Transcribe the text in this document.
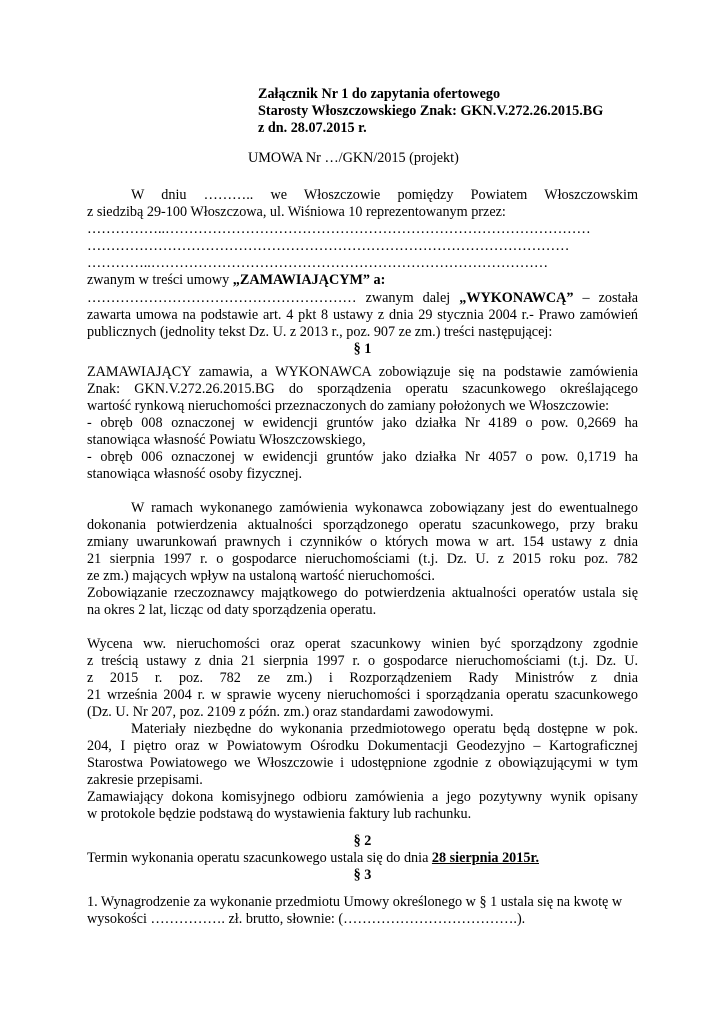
Załącznik Nr 1 do zapytania ofertowego
Starosty Włoszczowskiego Znak: GKN.V.272.26.2015.BG
z dn. 28.07.2015 r.
UMOWA Nr …/GKN/2015 (projekt)
W dniu ……….. we Włoszczowie pomiędzy Powiatem Włoszczowskim
z siedzibą 29-100 Włoszczowa, ul. Wiśniowa 10 reprezentowanym przez:
……………..………………………………………………………………………………
…………………………………………………………………………………………
…………..…………………………………………………………………………
zwanym w treści umowy „ZAMAWIAJĄCYM” a:
………………………………………………… zwanym dalej „WYKONAWCĄ” – została
zawarta umowa na podstawie art. 4 pkt 8 ustawy z dnia 29 stycznia 2004 r.- Prawo zamówień
publicznych (jednolity tekst Dz. U. z 2013 r., poz. 907 ze zm.) treści następującej:
§ 1
ZAMAWIAJĄCY zamawia, a WYKONAWCA zobowiązuje się na podstawie zamówienia
Znak: GKN.V.272.26.2015.BG do sporządzenia operatu szacunkowego określającego
wartość rynkową nieruchomości przeznaczonych do zamiany położonych we Włoszczowie:
- obręb 008 oznaczonej w ewidencji gruntów jako działka Nr 4189 o pow. 0,2669 ha
stanowiąca własność Powiatu Włoszczowskiego,
- obręb 006 oznaczonej w ewidencji gruntów jako działka Nr 4057 o pow. 0,1719 ha
stanowiąca własność osoby fizycznej.
W ramach wykonanego zamówienia wykonawca zobowiązany jest do ewentualnego
dokonania potwierdzenia aktualności sporządzonego operatu szacunkowego, przy braku
zmiany uwarunkowań prawnych i czynników o których mowa w art. 154 ustawy z dnia
21 sierpnia 1997 r. o gospodarce nieruchomościami (t.j. Dz. U. z 2015 roku poz. 782
ze zm.) mających wpływ na ustaloną wartość nieruchomości.
Zobowiązanie rzeczoznawcy majątkowego do potwierdzenia aktualności operatów ustala się
na okres 2 lat, licząc od daty sporządzenia operatu.
Wycena ww. nieruchomości oraz operat szacunkowy winien być sporządzony zgodnie
z treścią ustawy z dnia 21 sierpnia 1997 r. o gospodarce nieruchomościami (t.j. Dz. U.
z 2015 r. poz. 782 ze zm.) i Rozporządzeniem Rady Ministrów z dnia
21 września 2004 r. w sprawie wyceny nieruchomości i sporządzania operatu szacunkowego
(Dz. U. Nr 207, poz. 2109 z późn. zm.) oraz standardami zawodowymi.
Materiały niezbędne do wykonania przedmiotowego operatu będą dostępne w pok.
204, I piętro oraz w Powiatowym Ośrodku Dokumentacji Geodezyjno – Kartograficznej
Starostwa Powiatowego we Włoszczowie i udostępnione zgodnie z obowiązującymi w tym
zakresie przepisami.
Zamawiający dokona komisyjnego odbioru zamówienia a jego pozytywny wynik opisany
w protokole będzie podstawą do wystawienia faktury lub rachunku.
§ 2
Termin wykonania operatu szacunkowego ustala się do dnia 28 sierpnia 2015r.
§ 3
1. Wynagrodzenie za wykonanie przedmiotu Umowy określonego w § 1 ustala się na kwotę w
wysokości ……………. zł. brutto, słownie: (……………………………….).
